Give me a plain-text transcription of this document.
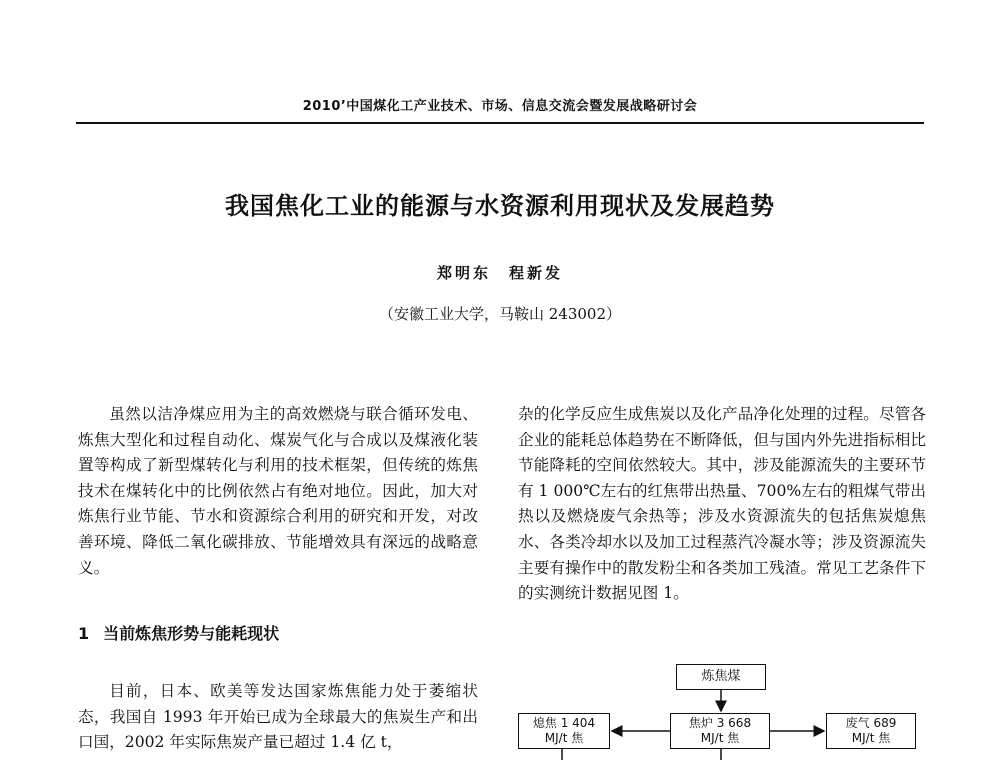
2010’中国煤化工产业技术、市场、信息交流会暨发展战略研讨会
我国焦化工业的能源与水资源利用现状及发展趋势
郑明东　程新发
（安徽工业大学，马鞍山 243002）

虽然以洁净煤应用为主的高效燃烧与联合循环发电、炼焦大型化和过程自动化、煤炭气化与合成以及煤液化装置等构成了新型煤转化与利用的技术框架，但传统的炼焦技术在煤转化中的比例依然占有绝对地位。因此，加大对炼焦行业节能、节水和资源综合利用的研究和开发，对改善环境、降低二氧化碳排放、节能增效具有深远的战略意义。

1 当前炼焦形势与能耗现状

目前，日本、欧美等发达国家炼焦能力处于萎缩状态，我国自 1993 年开始已成为全球最大的焦炭生产和出口国，2002 年实际焦炭产量已超过 1.4 亿 t，

杂的化学反应生成焦炭以及化产品净化处理的过程。尽管各企业的能耗总体趋势在不断降低，但与国内外先进指标相比节能降耗的空间依然较大。其中，涉及能源流失的主要环节有 1 000℃左右的红焦带出热量、700%左右的粗煤气带出热以及燃烧废气余热等；涉及水资源流失的包括焦炭熄焦水、各类冷却水以及加工过程蒸汽冷凝水等；涉及资源流失主要有操作中的散发粉尘和各类加工残渣。常见工艺条件下的实测统计数据见图 1。

炼焦煤
焦炉 3 668
MJ/t 焦
熄焦 1 404
MJ/t 焦
废气 689
MJ/t 焦
